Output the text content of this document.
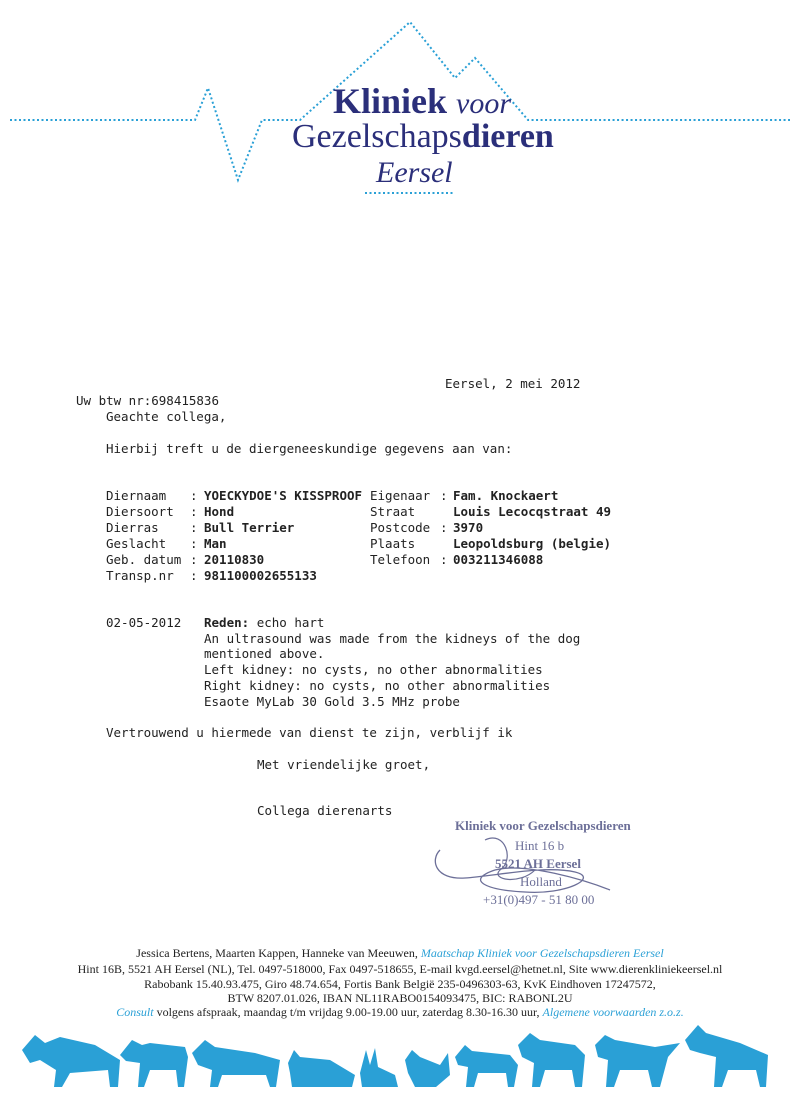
Kliniek voor
Gezelschapsdieren
Eersel
Eersel, 2 mei 2012
Uw btw nr:698415836
Geachte collega,
Hierbij treft u de diergeneeskundige gegevens aan van:
Diernaam : YOECKYDOE'S KISSPROOF
Diersoort : Hond
Dierras	: Bull Terrier
Geslacht : Man
Geb. datum : 20110830
Transp.nr : 981100002655133
Eigenaar : Fam. Knockaert
Straat	Louis Lecocqstraat 49
Postcode : 3970
Plaats	Leopoldsburg (belgie)
Telefoon : 003211346088
02-05-2012 Reden: echo hart
An ultrasound was made from the kidneys of the dog
mentioned above.
Left kidney: no cysts, no other abnormalities
Right kidney: no cysts, no other abnormalities
Esaote MyLab 30 Gold 3.5 MHz probe
Vertrouwend u hiermede van dienst te zijn, verblijf ik
Met vriendelijke groet,
Collega dierenarts
Kliniek voor Gezelschapsdieren
Hint 16 b
5521 AH Eersel
Holland
+31(0)497 - 51 80 00
Jessica Bertens, Maarten Kappen, Hanneke van Meeuwen, Maatschap Kliniek voor Gezelschapsdieren Eersel
Hint 16B, 5521 AH Eersel (NL), Tel. 0497-518000, Fax 0497-518655, E-mail kvgd.eersel@hetnet.nl, Site www.dierenkliniekeersel.nl
Rabobank 15.40.93.475, Giro 48.74.654, Fortis Bank België 235-0496303-63, KvK Eindhoven 17247572,
BTW 8207.01.026, IBAN NL11RABO0154093475, BIC: RABONL2U
Consult volgens afspraak, maandag t/m vrijdag 9.00-19.00 uur, zaterdag 8.30-16.30 uur, Algemene voorwaarden z.o.z.
